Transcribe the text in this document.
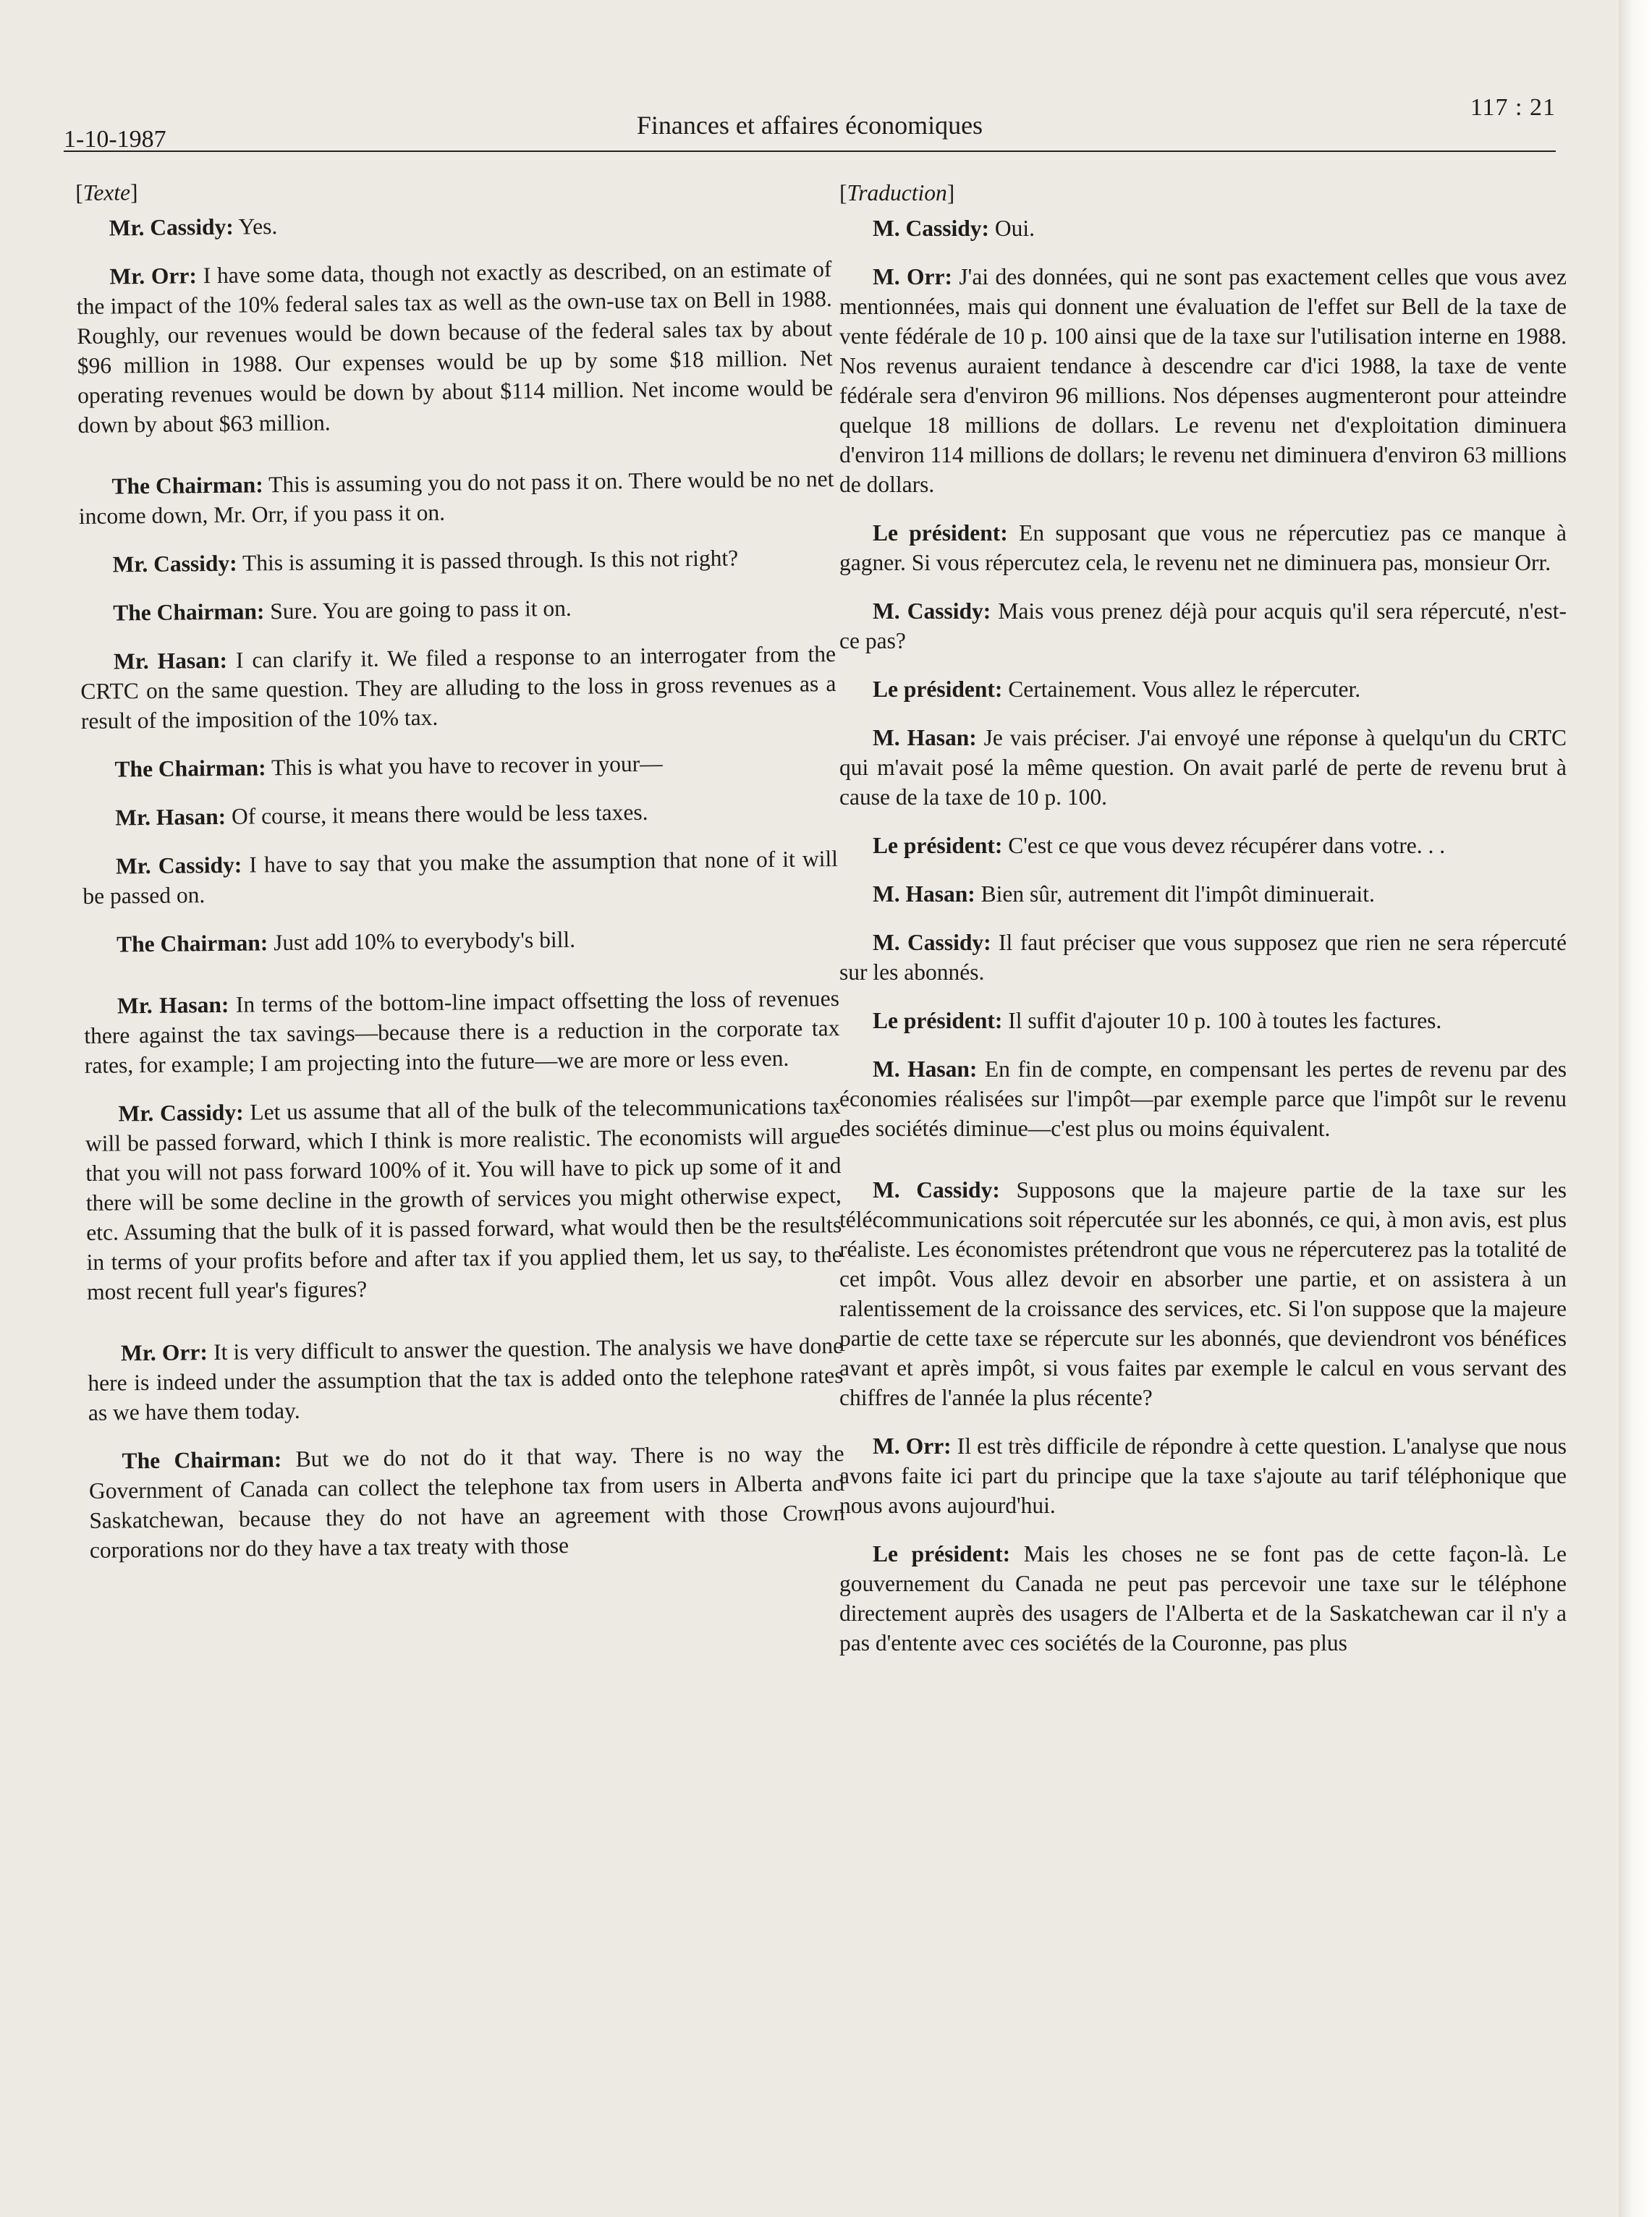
1-10-1987	Finances et affaires économiques
117 : 21
[Texte]

Mr. Cassidy: Yes.

Mr. Orr: I have some data, though not exactly as described, on an estimate of the impact of the 10% federal sales tax as well as the own-use tax on Bell in 1988. Roughly, our revenues would be down because of the federal sales tax by about $96 million in 1988. Our expenses would be up by some $18 million. Net operating revenues would be down by about $114 million. Net income would be down by about $63 million.

The Chairman: This is assuming you do not pass it on. There would be no net income down, Mr. Orr, if you pass it on.

Mr. Cassidy: This is assuming it is passed through. Is this not right?

The Chairman: Sure. You are going to pass it on.

Mr. Hasan: I can clarify it. We filed a response to an interrogater from the CRTC on the same question. They are alluding to the loss in gross revenues as a result of the imposition of the 10% tax.

The Chairman: This is what you have to recover in your—

Mr. Hasan: Of course, it means there would be less taxes.

Mr. Cassidy: I have to say that you make the assumption that none of it will be passed on.

The Chairman: Just add 10% to everybody's bill.

Mr. Hasan: In terms of the bottom-line impact offsetting the loss of revenues there against the tax savings—because there is a reduction in the corporate tax rates, for example; I am projecting into the future—we are more or less even.

Mr. Cassidy: Let us assume that all of the bulk of the telecommunications tax will be passed forward, which I think is more realistic. The economists will argue that you will not pass forward 100% of it. You will have to pick up some of it and there will be some decline in the growth of services you might otherwise expect, etc. Assuming that the bulk of it is passed forward, what would then be the results in terms of your profits before and after tax if you applied them, let us say, to the most recent full year's figures?

Mr. Orr: It is very difficult to answer the question. The analysis we have done here is indeed under the assumption that the tax is added onto the telephone rates as we have them today.

The Chairman: But we do not do it that way. There is no way the Government of Canada can collect the telephone tax from users in Alberta and Saskatchewan, because they do not have an agreement with those Crown corporations nor do they have a tax treaty with those

[Traduction]

M. Cassidy: Oui.

M. Orr: J'ai des données, qui ne sont pas exactement celles que vous avez mentionnées, mais qui donnent une évaluation de l'effet sur Bell de la taxe de vente fédérale de 10 p. 100 ainsi que de la taxe sur l'utilisation interne en 1988. Nos revenus auraient tendance à descendre car d'ici 1988, la taxe de vente fédérale sera d'environ 96 millions. Nos dépenses augmenteront pour atteindre quelque 18 millions de dollars. Le revenu net d'exploitation diminuera d'environ 114 millions de dollars; le revenu net diminuera d'environ 63 millions de dollars.

Le président: En supposant que vous ne répercutiez pas ce manque à gagner. Si vous répercutez cela, le revenu net ne diminuera pas, monsieur Orr.

M. Cassidy: Mais vous prenez déjà pour acquis qu'il sera répercuté, n'est-ce pas?

Le président: Certainement. Vous allez le répercuter.

M. Hasan: Je vais préciser. J'ai envoyé une réponse à quelqu'un du CRTC qui m'avait posé la même question. On avait parlé de perte de revenu brut à cause de la taxe de 10 p. 100.

Le président: C'est ce que vous devez récupérer dans votre. . .

M. Hasan: Bien sûr, autrement dit l'impôt diminuerait.

M. Cassidy: Il faut préciser que vous supposez que rien ne sera répercuté sur les abonnés.

Le président: Il suffit d'ajouter 10 p. 100 à toutes les factures.

M. Hasan: En fin de compte, en compensant les pertes de revenu par des économies réalisées sur l'impôt—par exemple parce que l'impôt sur le revenu des sociétés diminue—c'est plus ou moins équivalent.

M. Cassidy: Supposons que la majeure partie de la taxe sur les télécommunications soit répercutée sur les abonnés, ce qui, à mon avis, est plus réaliste. Les économistes prétendront que vous ne répercuterez pas la totalité de cet impôt. Vous allez devoir en absorber une partie, et on assistera à un ralentissement de la croissance des services, etc. Si l'on suppose que la majeure partie de cette taxe se répercute sur les abonnés, que deviendront vos bénéfices avant et après impôt, si vous faites par exemple le calcul en vous servant des chiffres de l'année la plus récente?

M. Orr: Il est très difficile de répondre à cette question. L'analyse que nous avons faite ici part du principe que la taxe s'ajoute au tarif téléphonique que nous avons aujourd'hui.

Le président: Mais les choses ne se font pas de cette façon-là. Le gouvernement du Canada ne peut pas percevoir une taxe sur le téléphone directement auprès des usagers de l'Alberta et de la Saskatchewan car il n'y a pas d'entente avec ces sociétés de la Couronne, pas plus
